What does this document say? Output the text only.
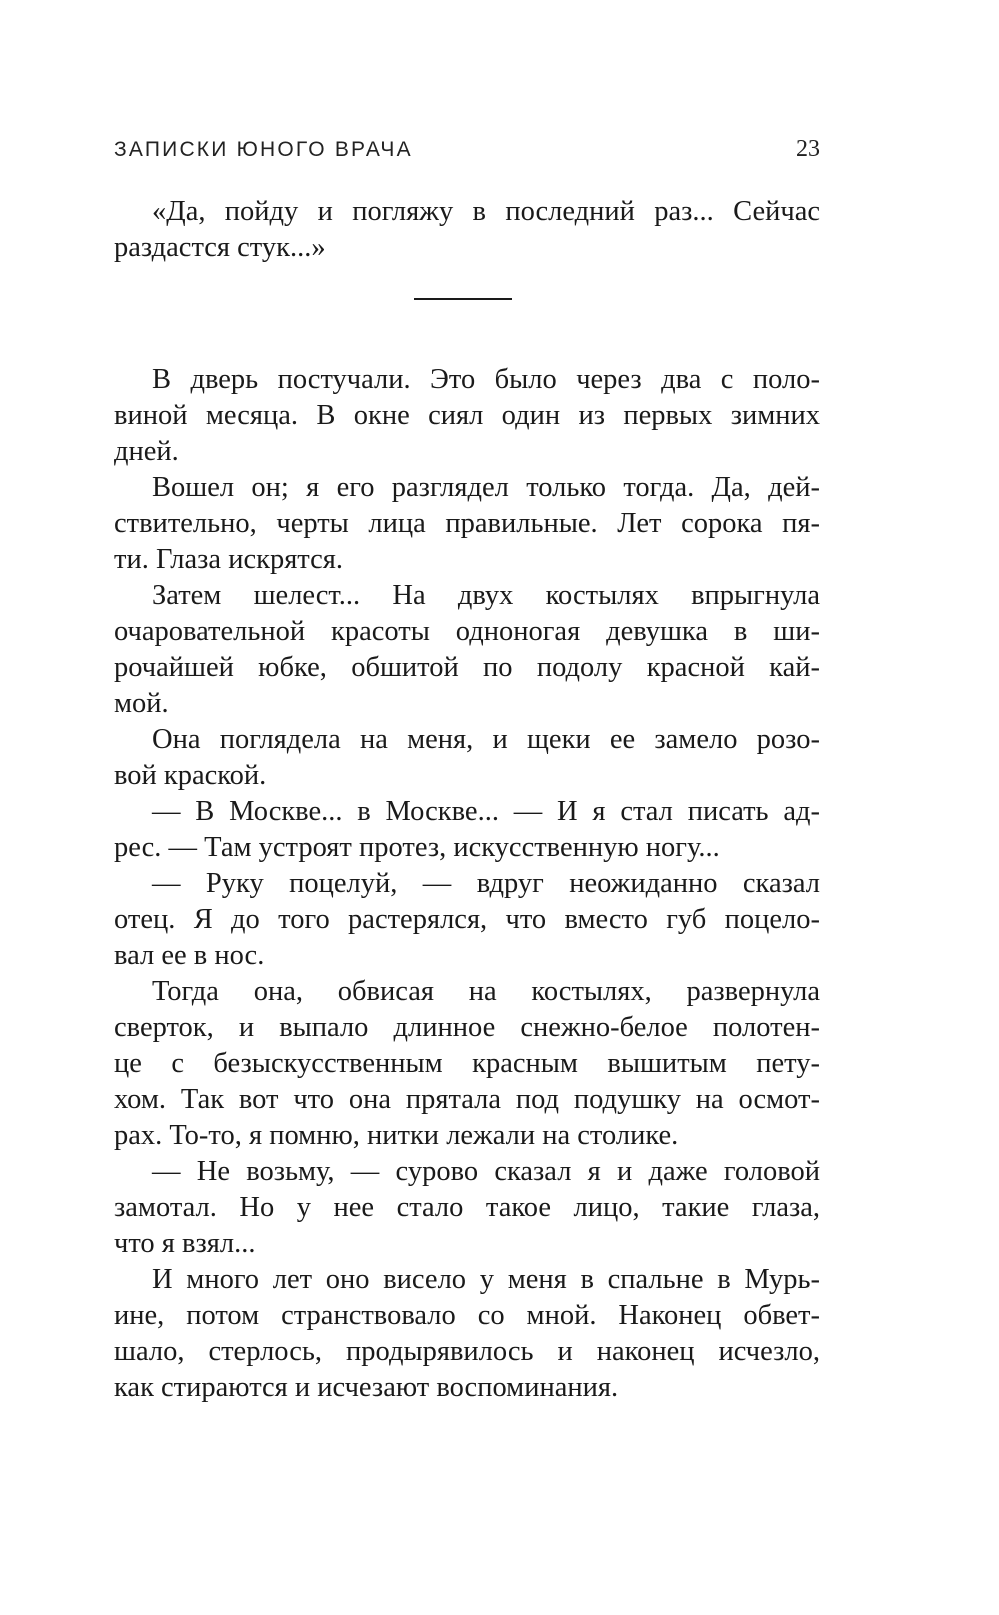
ЗАПИСКИ ЮНОГО ВРАЧА	23
«Да, пойду и погляжу в последний раз... Сейчас
раздастся стук...»
В дверь постучали. Это было через два с поло-
виной месяца. В окне сиял один из первых зимних
дней.
Вошел он; я его разглядел только тогда. Да, дей-
ствительно, черты лица правильные. Лет сорока пя-
ти. Глаза искрятся.
Затем шелест... На двух костылях впрыгнула
очаровательной красоты одноногая девушка в ши-
рочайшей юбке, обшитой по подолу красной кай-
мой.
Она поглядела на меня, и щеки ее замело розо-
вой краской.
— В Москве... в Москве... — И я стал писать ад-
рес. — Там устроят протез, искусственную ногу...
— Руку поцелуй, — вдруг неожиданно сказал
отец. Я до того растерялся, что вместо губ поцело-
вал ее в нос.
Тогда она, обвисая на костылях, развернула
сверток, и выпало длинное снежно-белое полотен-
це с безыскусственным красным вышитым пету-
хом. Так вот что она прятала под подушку на осмот-
рах. То-то, я помню, нитки лежали на столике.
— Не возьму, — сурово сказал я и даже головой
замотал. Но у нее стало такое лицо, такие глаза,
что я взял...
И много лет оно висело у меня в спальне в Мурь-
ине, потом странствовало со мной. Наконец обвет-
шало, стерлось, продырявилось и наконец исчезло,
как стираются и исчезают воспоминания.
